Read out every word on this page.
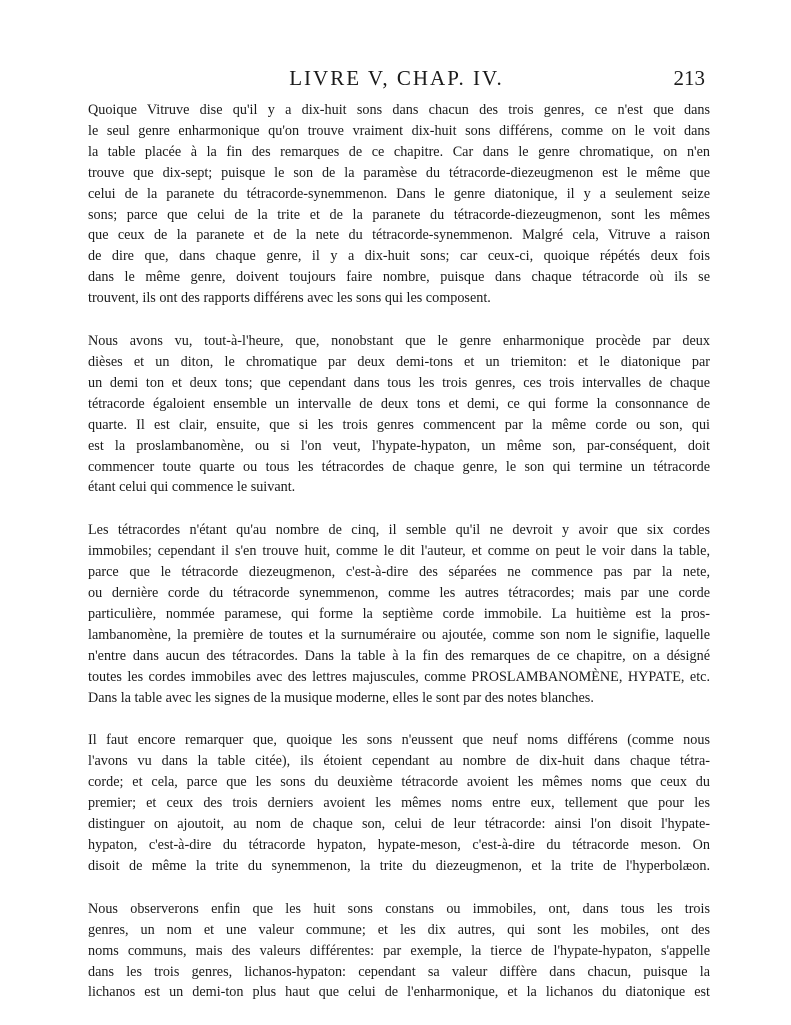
LIVRE V, CHAP. IV.	213

Quoique Vitruve dise qu'il y a dix-huit sons dans chacun des trois genres, ce n'est que dans
le seul genre enharmonique qu'on trouve vraiment dix-huit sons différens, comme on le voit dans
la table placée à la fin des remarques de ce chapitre. Car dans le genre chromatique, on n'en
trouve que dix-sept; puisque le son de la paramèse du tétracorde-diezeugmenon est le même que
celui de la paranete du tétracorde-synemmenon. Dans le genre diatonique, il y a seulement seize
sons; parce que celui de la trite et de la paranete du tétracorde-diezeugmenon, sont les mêmes
que ceux de la paranete et de la nete du tétracorde-synemmenon. Malgré cela, Vitruve a raison
de dire que, dans chaque genre, il y a dix-huit sons; car ceux-ci, quoique répétés deux fois
dans le même genre, doivent toujours faire nombre, puisque dans chaque tétracorde où ils se
trouvent, ils ont des rapports différens avec les sons qui les composent.

Nous avons vu, tout-à-l'heure, que, nonobstant que le genre enharmonique procède par deux
dièses et un diton, le chromatique par deux demi-tons et un triemiton: et le diatonique par
un demi ton et deux tons; que cependant dans tous les trois genres, ces trois intervalles de chaque
tétracorde égaloient ensemble un intervalle de deux tons et demi, ce qui forme la consonnance de
quarte. Il est clair, ensuite, que si les trois genres commencent par la même corde ou son, qui
est la proslambanomène, ou si l'on veut, l'hypate-hypaton, un même son, par-conséquent, doit
commencer toute quarte ou tous les tétracordes de chaque genre, le son qui termine un tétracorde
étant celui qui commence le suivant.

Les tétracordes n'étant qu'au nombre de cinq, il semble qu'il ne devroit y avoir que six cordes
immobiles; cependant il s'en trouve huit, comme le dit l'auteur, et comme on peut le voir dans la table,
parce que le tétracorde diezeugmenon, c'est-à-dire des séparées ne commence pas par la nete,
ou dernière corde du tétracorde synemmenon, comme les autres tétracordes; mais par une corde
particulière, nommée paramese, qui forme la septième corde immobile. La huitième est la pros-
lambanomène, la première de toutes et la surnuméraire ou ajoutée, comme son nom le signifie, laquelle
n'entre dans aucun des tétracordes. Dans la table à la fin des remarques de ce chapitre, on a désigné
toutes les cordes immobiles avec des lettres majuscules, comme PROSLAMBANOMÈNE, HYPATE, etc.
Dans la table avec les signes de la musique moderne, elles le sont par des notes blanches.

Il faut encore remarquer que, quoique les sons n'eussent que neuf noms différens (comme nous
l'avons vu dans la table citée), ils étoient cependant au nombre de dix-huit dans chaque tétra-
corde; et cela, parce que les sons du deuxième tétracorde avoient les mêmes noms que ceux du
premier; et ceux des trois derniers avoient les mêmes noms entre eux, tellement que pour les
distinguer on ajoutoit, au nom de chaque son, celui de leur tétracorde: ainsi l'on disoit l'hypate-
hypaton, c'est-à-dire du tétracorde hypaton, hypate-meson, c'est-à-dire du tétracorde meson. On
disoit de même la trite du synemmenon, la trite du diezeugmenon, et la trite de l'hyperbolæon.

Nous observerons enfin que les huit sons constans ou immobiles, ont, dans tous les trois
genres, un nom et une valeur commune; et les dix autres, qui sont les mobiles, ont des
noms communs, mais des valeurs différentes: par exemple, la tierce de l'hypate-hypaton, s'appelle
dans les trois genres, lichanos-hypaton: cependant sa valeur diffère dans chacun, puisque la
lichanos est un demi-ton plus haut que celui de l'enharmonique, et la lichanos du diatonique est
